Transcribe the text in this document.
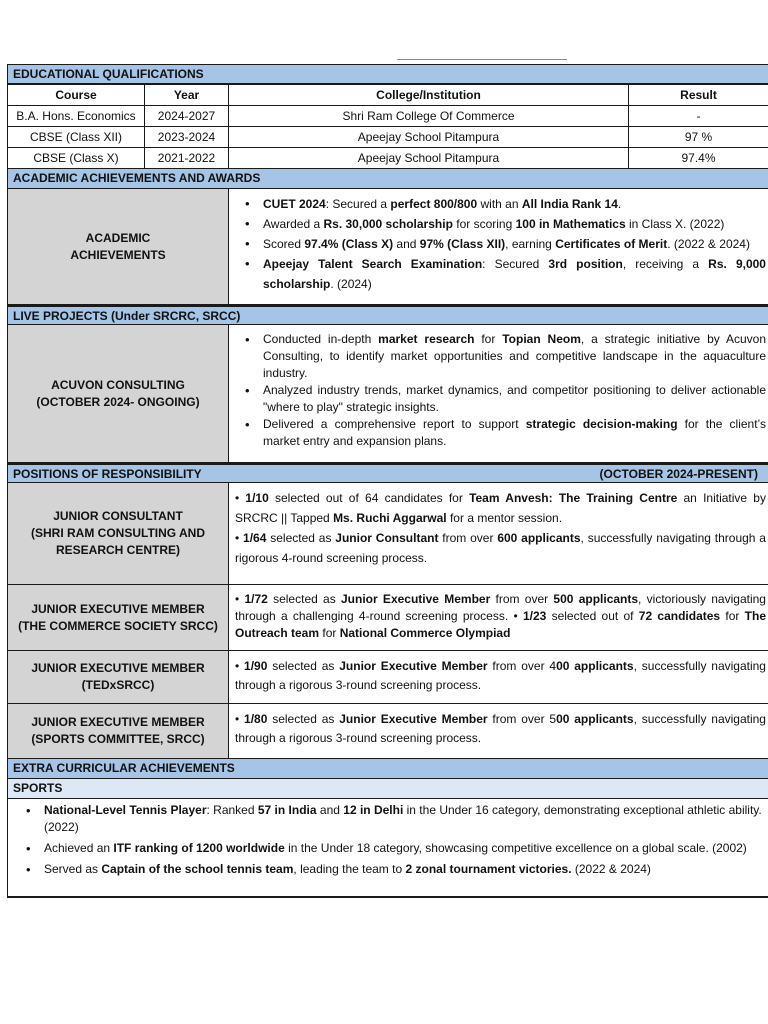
EDUCATIONAL QUALIFICATIONS
Course	Year	College/Institution	Result
B.A. Hons. Economics	2024-2027	Shri Ram College Of Commerce	-
CBSE (Class XII)	2023-2024	Apeejay School Pitampura	97 %
CBSE (Class X)	2021-2022	Apeejay School Pitampura	97.4%
ACADEMIC ACHIEVEMENTS AND AWARDS
ACADEMIC
ACHIEVEMENTS
• CUET 2024: Secured a perfect 800/800 with an All India Rank 14.
• Awarded a Rs. 30,000 scholarship for scoring 100 in Mathematics in Class X. (2022)
• Scored 97.4% (Class X) and 97% (Class XII), earning Certificates of Merit. (2022 & 2024)
• Apeejay Talent Search Examination: Secured 3rd position, receiving a Rs. 9,000 scholarship. (2024)
LIVE PROJECTS (Under SRCRC, SRCC)
ACUVON CONSULTING
(OCTOBER 2024- ONGOING)
• Conducted in-depth market research for Topian Neom, a strategic initiative by Acuvon Consulting, to identify market opportunities and competitive landscape in the aquaculture industry.
• Analyzed industry trends, market dynamics, and competitor positioning to deliver actionable "where to play" strategic insights.
• Delivered a comprehensive report to support strategic decision-making for the client’s market entry and expansion plans.
POSITIONS OF RESPONSIBILITY	(OCTOBER 2024-PRESENT)
JUNIOR CONSULTANT
(SHRI RAM CONSULTING AND
RESEARCH CENTRE)
• 1/10 selected out of 64 candidates for Team Anvesh: The Training Centre an Initiative by SRCRC || Tapped Ms. Ruchi Aggarwal for a mentor session.
• 1/64 selected as Junior Consultant from over 600 applicants, successfully navigating through a rigorous 4-round screening process.
JUNIOR EXECUTIVE MEMBER
(THE COMMERCE SOCIETY SRCC)
• 1/72 selected as Junior Executive Member from over 500 applicants, victoriously navigating through a challenging 4-round screening process. • 1/23 selected out of 72 candidates for The Outreach team for National Commerce Olympiad
JUNIOR EXECUTIVE MEMBER
(TEDxSRCC)
• 1/90 selected as Junior Executive Member from over 400 applicants, successfully navigating through a rigorous 3-round screening process.
JUNIOR EXECUTIVE MEMBER
(SPORTS COMMITTEE, SRCC)
• 1/80 selected as Junior Executive Member from over 500 applicants, successfully navigating through a rigorous 3-round screening process.
EXTRA CURRICULAR ACHIEVEMENTS
SPORTS
• National-Level Tennis Player: Ranked 57 in India and 12 in Delhi in the Under 16 category, demonstrating exceptional athletic ability. (2022)
• Achieved an ITF ranking of 1200 worldwide in the Under 18 category, showcasing competitive excellence on a global scale. (2002)
• Served as Captain of the school tennis team, leading the team to 2 zonal tournament victories. (2022 & 2024)
